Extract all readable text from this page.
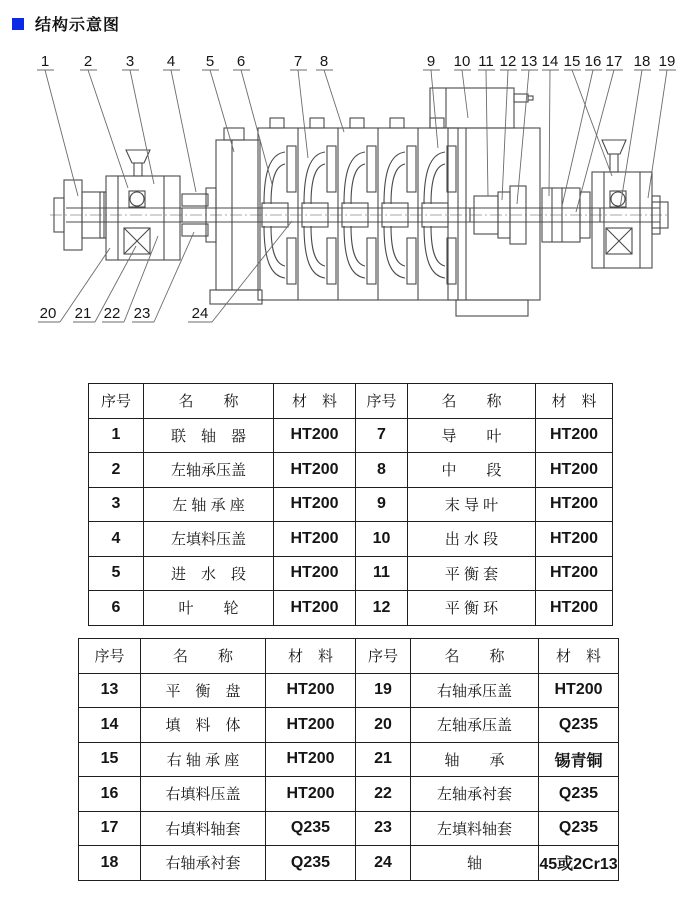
结构示意图
1 2 3 4 5 6	7 8	9 10 11 12 13 14 15 16 17 18 19
20 21 22 23	24
序号	名　　称	材　料	序号	名　　称	材　料
1	联　轴　器	HT200	7	导　　叶	HT200
2	左轴承压盖	HT200	8	中　　段	HT200
3	左 轴 承 座	HT200	9	末 导 叶	HT200
4	左填料压盖	HT200	10	出 水 段	HT200
5	进　水　段	HT200	11	平 衡 套	HT200
6	叶　　轮	HT200	12	平 衡 环	HT200
序号	名　　称	材　料	序号	名　　称	材　料
13	平　衡　盘	HT200	19	右轴承压盖	HT200
14	填　料　体	HT200	20	左轴承压盖	Q235
15	右 轴 承 座	HT200	21	轴　　承	锡青铜
16	右填料压盖	HT200	22	左轴承衬套	Q235
17	右填料轴套	Q235	23	左填料轴套	Q235
18	右轴承衬套	Q235	24	轴	45或2Cr13
